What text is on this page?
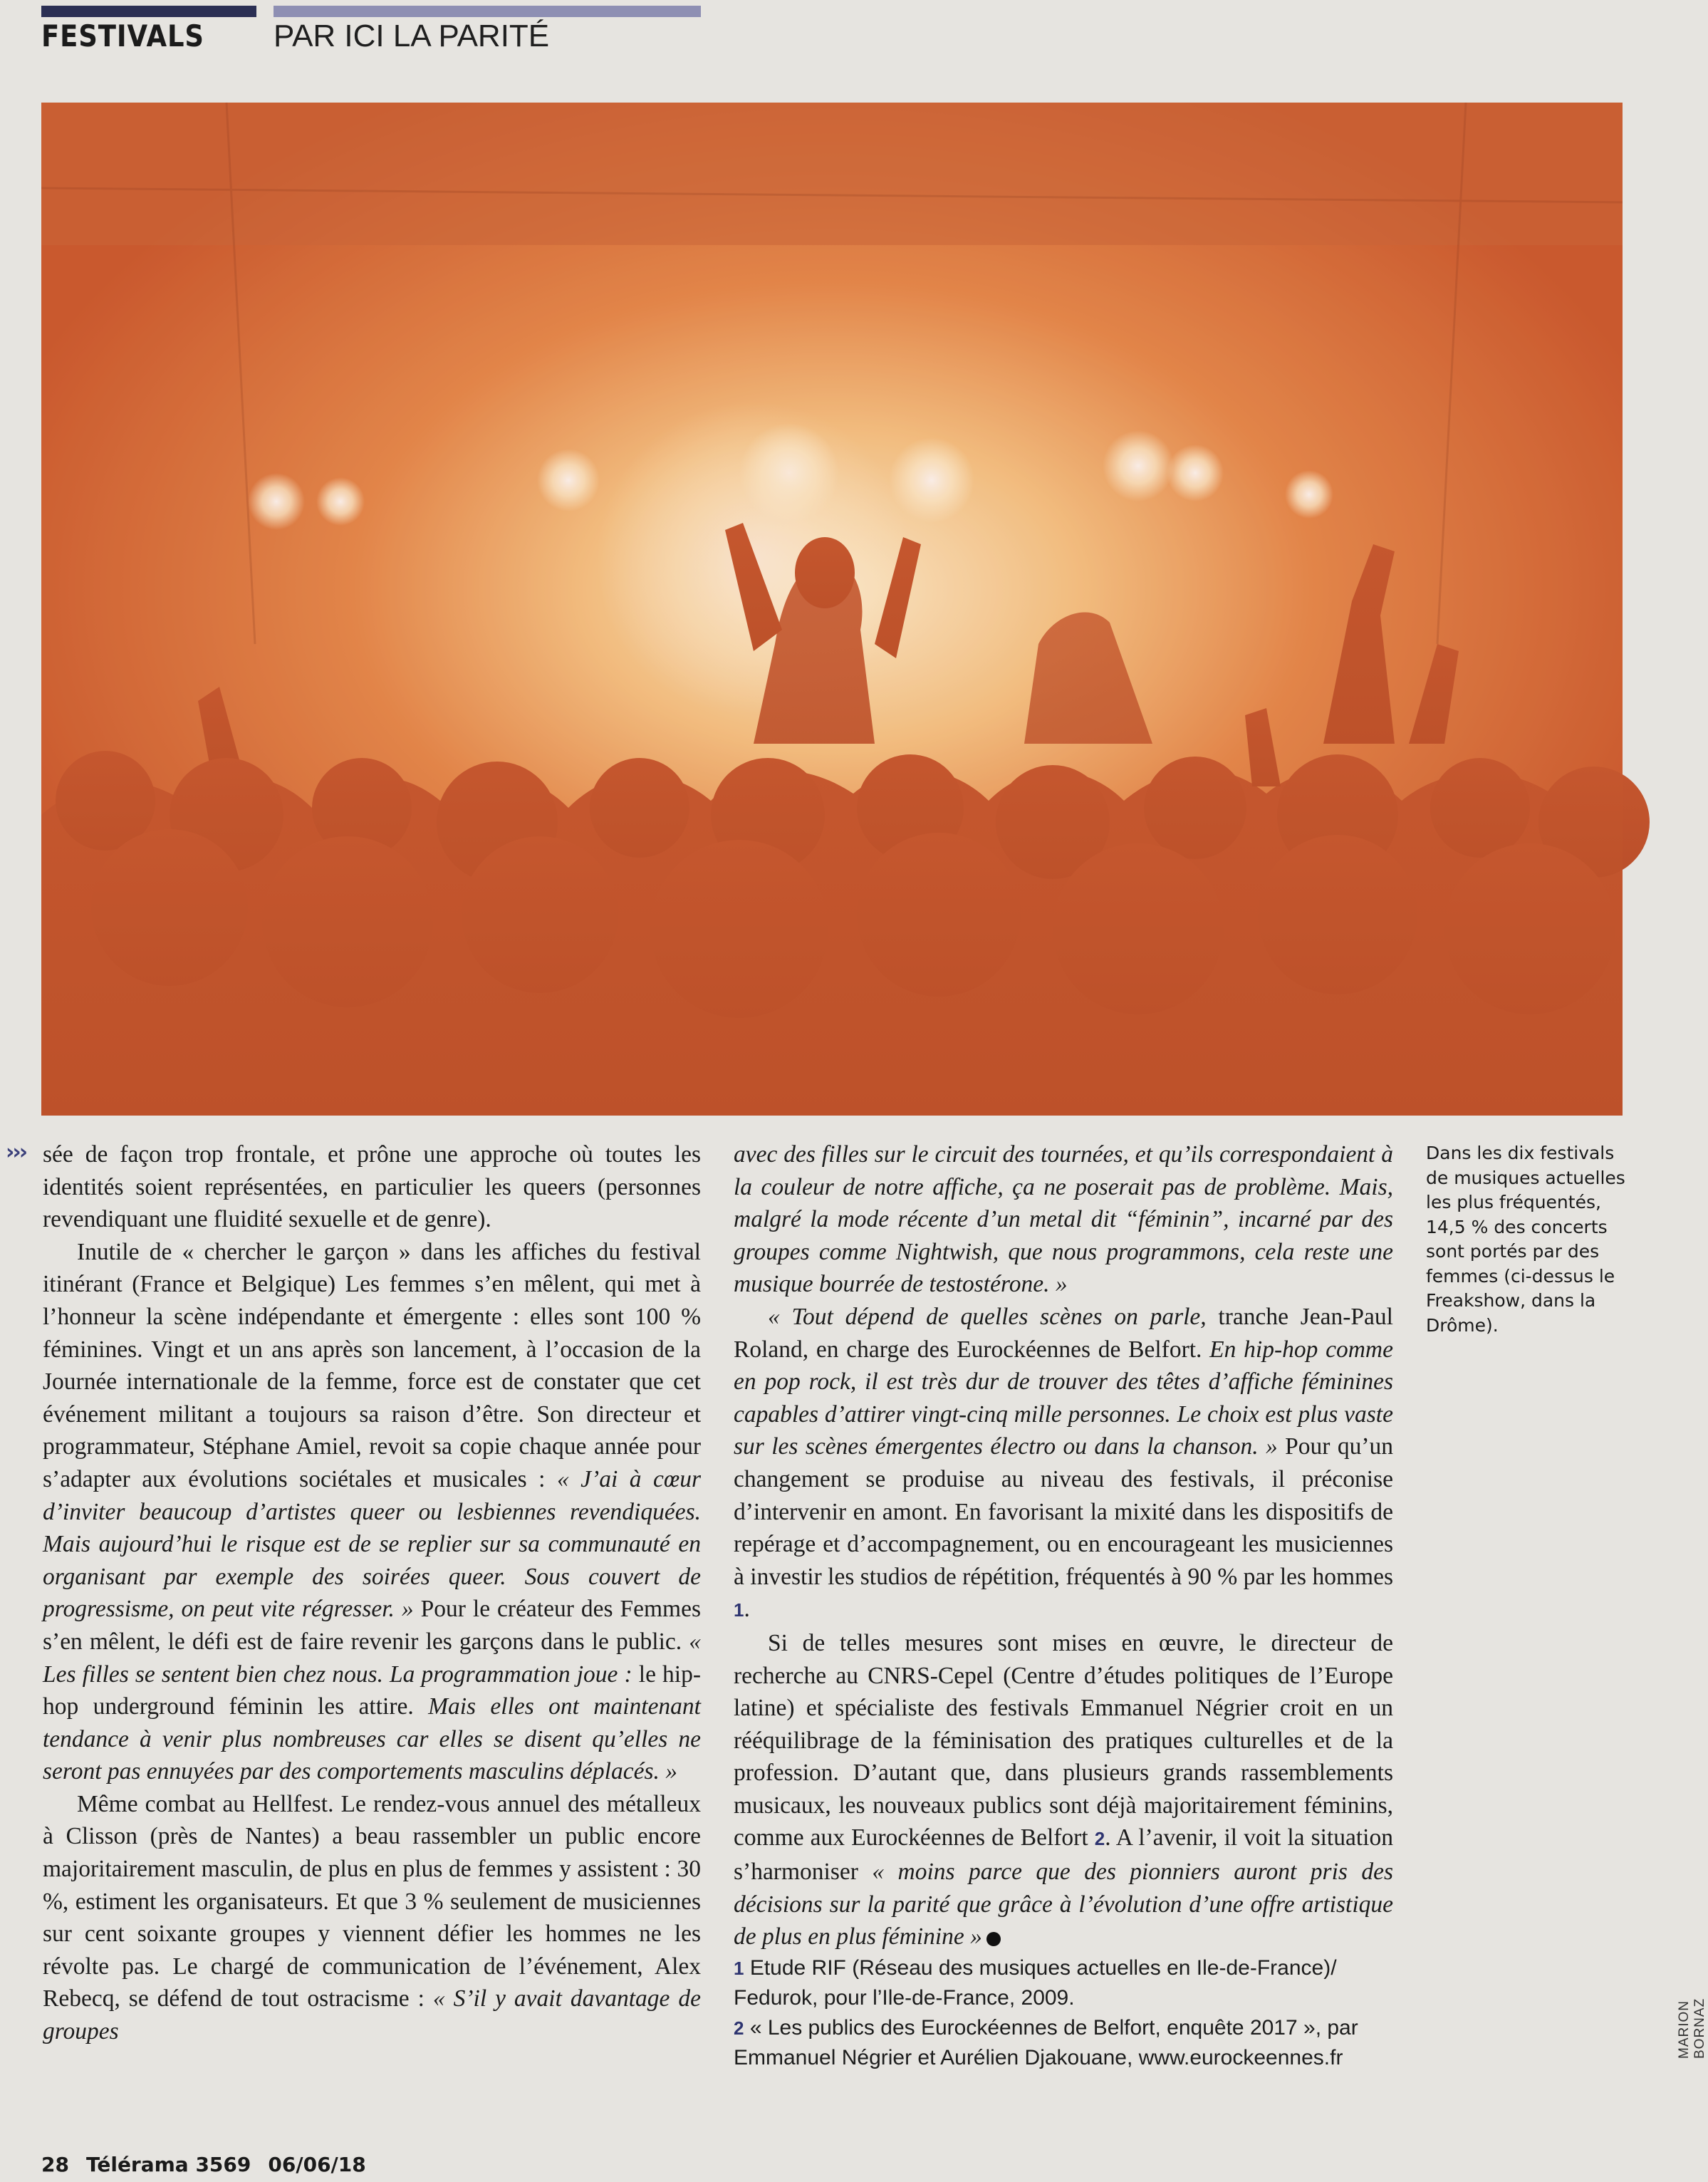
FESTIVALS PAR ICI LA PARITÉ
››› sée de façon trop frontale, et prône une approche où toutes les identités soient représentées, en particulier les queers (personnes revendiquant une fluidité sexuelle et de genre).

Inutile de « chercher le garçon » dans les affiches du festival itinérant (France et Belgique) Les femmes s’en mêlent, qui met à l’honneur la scène indépendante et émergente : elles sont 100 % féminines. Vingt et un ans après son lancement, à l’occasion de la Journée internationale de la femme, force est de constater que cet événement militant a toujours sa raison d’être. Son directeur et programmateur, Stéphane Amiel, revoit sa copie chaque année pour s’adapter aux évolutions sociétales et musicales : « J’ai à cœur d’inviter beaucoup d’artistes queer ou lesbiennes revendiquées. Mais aujourd’hui le risque est de se replier sur sa communauté en organisant par exemple des soirées queer. Sous couvert de progressisme, on peut vite régresser. » Pour le créateur des Femmes s’en mêlent, le défi est de faire revenir les garçons dans le public. « Les filles se sentent bien chez nous. La programmation joue : le hip-hop underground féminin les attire. Mais elles ont maintenant tendance à venir plus nombreuses car elles se disent qu’elles ne seront pas ennuyées par des comportements masculins déplacés. »

Même combat au Hellfest. Le rendez-vous annuel des métalleux à Clisson (près de Nantes) a beau rassembler un public encore majoritairement masculin, de plus en plus de femmes y assistent : 30 %, estiment les organisateurs. Et que 3 % seulement de musiciennes sur cent soixante groupes y viennent défier les hommes ne les révolte pas. Le chargé de communication de l’événement, Alex Rebecq, se défend de tout ostracisme : « S’il y avait davantage de groupes

avec des filles sur le circuit des tournées, et qu’ils correspondaient à la couleur de notre affiche, ça ne poserait pas de problème. Mais, malgré la mode récente d’un metal dit “féminin”, incarné par des groupes comme Nightwish, que nous programmons, cela reste une musique bourrée de testostérone. »

« Tout dépend de quelles scènes on parle, tranche Jean-Paul Roland, en charge des Eurockéennes de Belfort. En hip-hop comme en pop rock, il est très dur de trouver des têtes d’affiche féminines capables d’attirer vingt-cinq mille personnes. Le choix est plus vaste sur les scènes émergentes électro ou dans la chanson. » Pour qu’un changement se produise au niveau des festivals, il préconise d’intervenir en amont. En favorisant la mixité dans les dispositifs de repérage et d’accompagnement, ou en encourageant les musiciennes à investir les studios de répétition, fréquentés à 90 % par les hommes 1.

Si de telles mesures sont mises en œuvre, le directeur de recherche au CNRS-Cepel (Centre d’études politiques de l’Europe latine) et spécialiste des festivals Emmanuel Négrier croit en un rééquilibrage de la féminisation des pratiques culturelles et de la profession. D’autant que, dans plusieurs grands rassemblements musicaux, les nouveaux publics sont déjà majoritairement féminins, comme aux Eurockéennes de Belfort 2. A l’avenir, il voit la situation s’harmoniser « moins parce que des pionniers auront pris des décisions sur la parité que grâce à l’évolution d’une offre artistique de plus en plus féminine »

1 Etude RIF (Réseau des musiques actuelles en Ile-de-France)/ Fedurok, pour l’Ile-de-France, 2009.

2 « Les publics des Eurockéennes de Belfort, enquête 2017 », par Emmanuel Négrier et Aurélien Djakouane, www.eurockeennes.fr

Dans les dix festivals de musiques actuelles les plus fréquentés, 14,5 % des concerts sont portés par des femmes (ci-dessus le Freakshow, dans la Drôme).
MARION BORNAZ
28 Télérama 3569 06/06/18
